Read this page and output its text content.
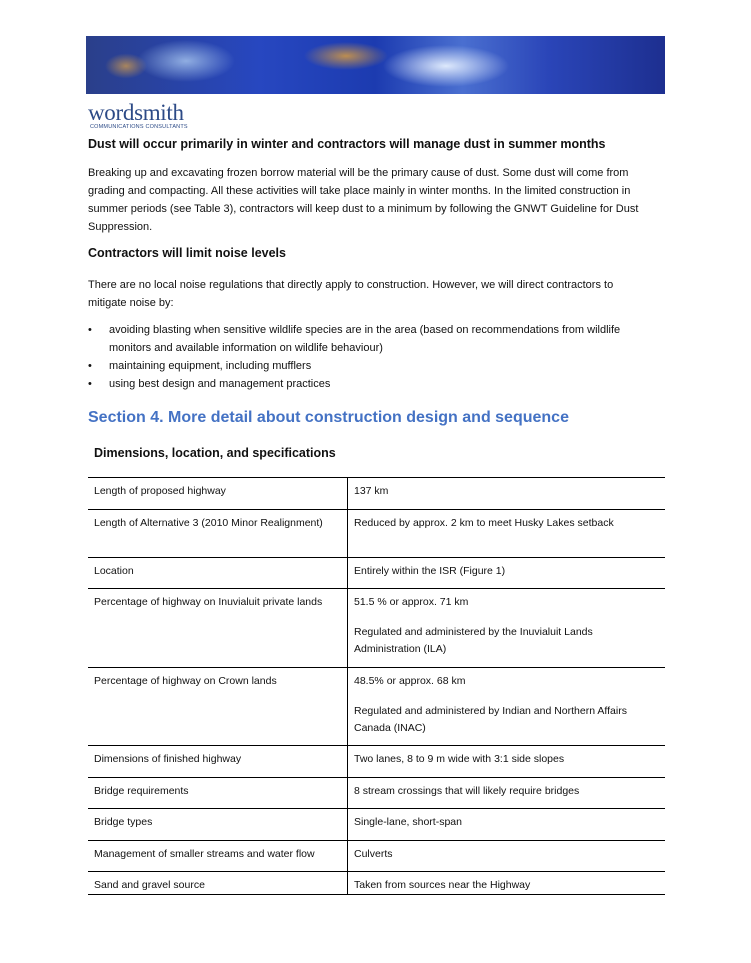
wordsmith
COMMUNICATIONS CONSULTANTS
Dust will occur primarily in winter and contractors will manage dust in summer months
Breaking up and excavating frozen borrow material will be the primary cause of dust. Some dust will come from grading and compacting. All these activities will take place mainly in winter months. In the limited construction in summer periods (see Table 3), contractors will keep dust to a minimum by following the GNWT Guideline for Dust Suppression.
Contractors will limit noise levels
There are no local noise regulations that directly apply to construction. However, we will direct contractors to mitigate noise by:
• avoiding blasting when sensitive wildlife species are in the area (based on recommendations from wildlife monitors and available information on wildlife behaviour)
• maintaining equipment, including mufflers
• using best design and management practices
Section 4. More detail about construction design and sequence
Dimensions, location, and specifications
Length of proposed highway	137 km

Length of Alternative 3 (2010 Minor Realignment)	Reduced by approx. 2 km to meet Husky Lakes setback

Location	Entirely within the ISR (Figure 1)

Percentage of highway on Inuvialuit private lands	51.5 % or approx. 71 km
Regulated and administered by the Inuvialuit Lands Administration (ILA)

Percentage of highway on Crown lands	48.5% or approx. 68 km
Regulated and administered by Indian and Northern Affairs Canada (INAC)

Dimensions of finished highway	Two lanes, 8 to 9 m wide with 3:1 side slopes

Bridge requirements	8 stream crossings that will likely require bridges

Bridge types	Single-lane, short-span

Management of smaller streams and water flow	Culverts

Sand and gravel source	Taken from sources near the Highway
